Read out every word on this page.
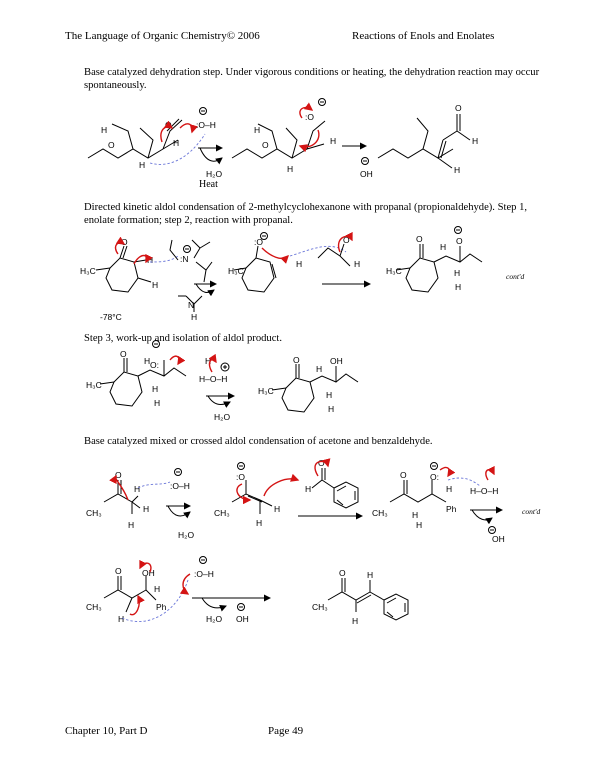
The Language of Organic Chemistry© 2006	Reactions of Enols and Enolates
Base catalyzed dehydration step. Under vigorous conditions or heating, the dehydration reaction may occur spontaneously.
Directed kinetic aldol condensation of 2-methylcyclohexanone with propanal (propionaldehyde). Step 1, enolate formation; step 2, reaction with propanal.
Step 3, work-up and isolation of aldol product.
Base catalyzed mixed or crossed aldol condensation of acetone and benzaldehyde.
H
O
O
H
H
:O–H
H₂O
Heat
H
O
:O
H
H	OH
O
H
H
H₃C
O
H
H
-78°C
:N
N
H
H₃C
:O
H
O
H
H₃C
O
H
O
H
H
cont'd
H₃C
O
H O:
H
H
H
H–O–H
H₂O
H₃C
O	OH
H
H
H
CH₃
O
H
H
H
:O–H
H₂O
CH₃
:O
H
H
H
O
CH₃
O	O:
H
Ph
H
H
H–O–H
OH
cont'd
CH₃
O OH
H
Ph
H
:O–H
H₂O OH
CH₃
O	H
H
Chapter 10, Part D	Page 49
